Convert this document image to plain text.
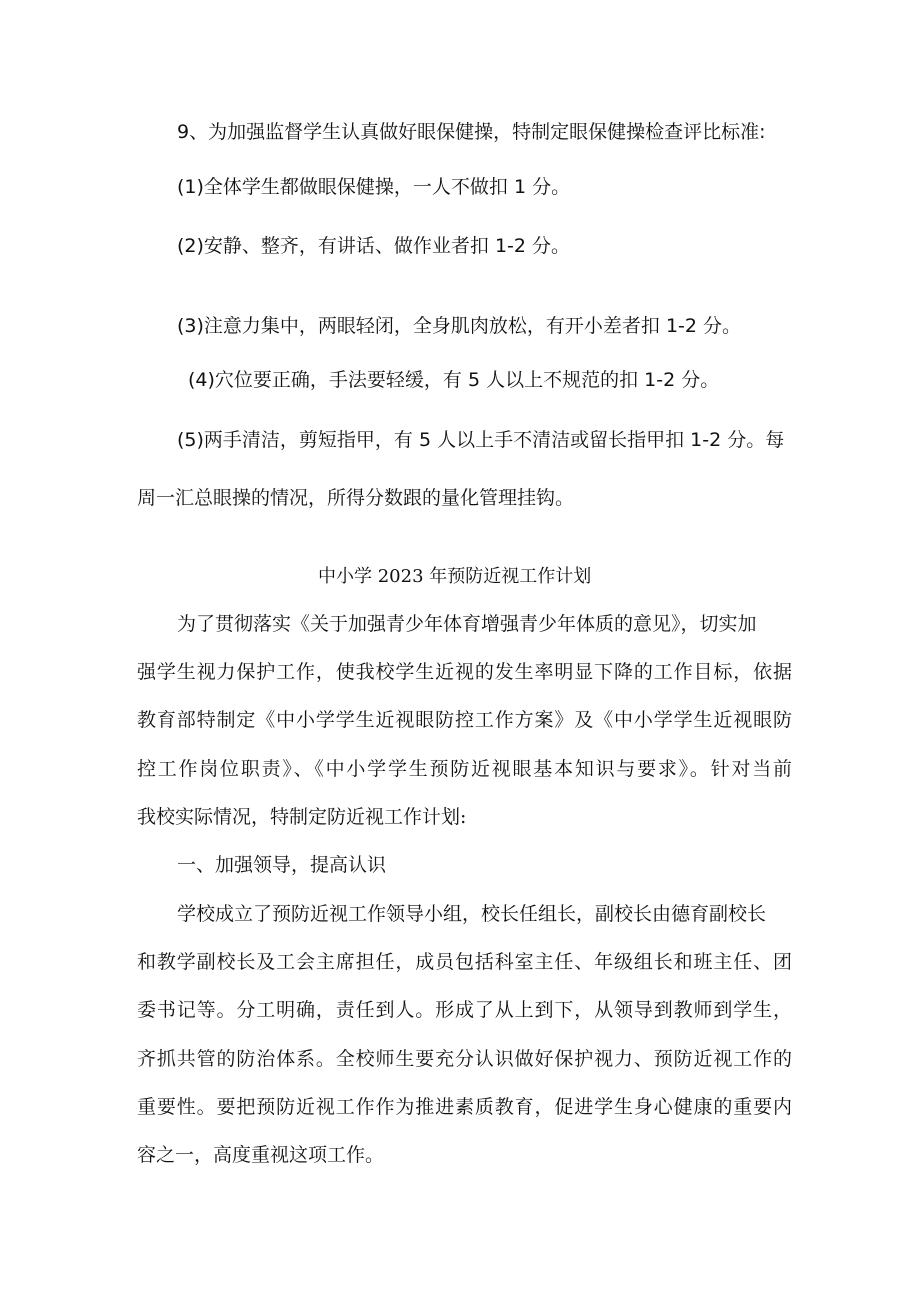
9、为加强监督学生认真做好眼保健操，特制定眼保健操检查评比标准:
(1)全体学生都做眼保健操，一人不做扣 1 分。
(2)安静、整齐，有讲话、做作业者扣 1-2 分。
(3)注意力集中，两眼轻闭，全身肌肉放松，有开小差者扣 1-2 分。
(4)穴位要正确，手法要轻缓，有 5 人以上不规范的扣 1-2 分。
(5)两手清洁，剪短指甲，有 5 人以上手不清洁或留长指甲扣 1-2 分。每
周一汇总眼操的情况，所得分数跟的量化管理挂钩。
中小学 2023 年预防近视工作计划
为了贯彻落实《关于加强青少年体育增强青少年体质的意见》，切实加
强学生视力保护工作，使我校学生近视的发生率明显下降的工作目标，依据
教育部特制定《中小学学生近视眼防控工作方案》及《中小学学生近视眼防
控工作岗位职责》、《中小学学生预防近视眼基本知识与要求》。针对当前
我校实际情况，特制定防近视工作计划:
一、加强领导，提高认识
学校成立了预防近视工作领导小组，校长任组长，副校长由德育副校长
和教学副校长及工会主席担任，成员包括科室主任、年级组长和班主任、团
委书记等。分工明确，责任到人。形成了从上到下，从领导到教师到学生，
齐抓共管的防治体系。全校师生要充分认识做好保护视力、预防近视工作的
重要性。要把预防近视工作作为推进素质教育，促进学生身心健康的重要内
容之一，高度重视这项工作。
